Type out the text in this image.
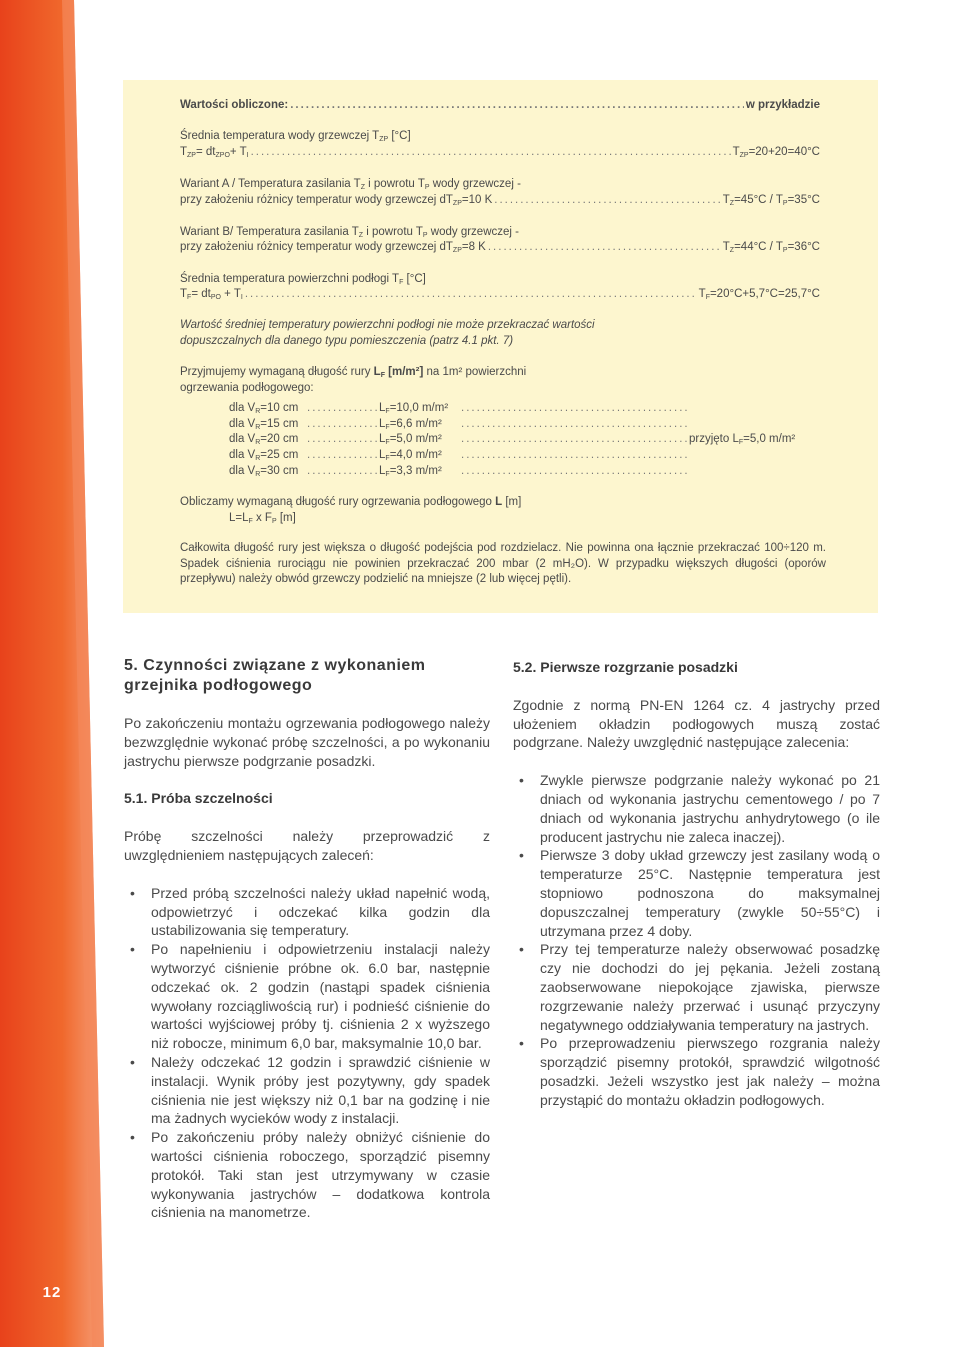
12
Wartości obliczone: .....	w przykładzie
Średnia temperatura wody grzewczej $T_{ZP}$ [°C]
$T_{ZP}= dt_{ZPO}+ T_I$ .....	$T_{ZP}=20+20=40^\circ C$
Wariant A / Temperatura zasilania $T_Z$ i powrotu $T_P$ wody grzewczej -
przy założeniu różnicy temperatur wody grzewczej $dT_{ZP}=10$ K .....	$T_Z=45^\circ C / T_P=35^\circ C$
Wariant B/ Temperatura zasilania $T_Z$ i powrotu $T_P$ wody grzewczej -
przy założeniu różnicy temperatur wody grzewczej $dT_{ZP}=8$ K .....	$T_Z=44^\circ C / T_P=36^\circ C$
Średnia temperatura powierzchni podłogi $T_F$ [°C]
$T_F= dt_{PO} + T_I$ .....	$T_F=20^\circ C+5,7^\circ C=25,7^\circ C$
Wartość średniej temperatury powierzchni podłogi nie może przekraczać wartości
dopuszczalnych dla danego typu pomieszczenia (patrz 4.1 pkt. 7)
Przyjmujemy wymaganą długość rury $L_F$ [m/m²] na 1m² powierzchni
ogrzewania podłogowego:
dla $V_R=10$ cm .....	$L_F=10,0$ m/m²
.....
dla $V_R=15$ cm .....	$L_F=6,6$ m/m²
.....
dla $V_R=20$ cm .....	$L_F=5,0$ m/m² .....	przyjęto $L_F=5,0$ m/m²
dla $V_R=25$ cm .....	$L_F=4,0$ m/m²
.....
dla $V_R=30$ cm .....	$L_F=3,3$ m/m²
.....
Obliczamy wymaganą długość rury ogrzewania podłogowego L [m]
$L=L_F$ x $F_P$ [m]
Całkowita długość rury jest większa o długość podejścia pod rozdzielacz. Nie powinna ona łącznie przekraczać 100÷120 m. Spadek ciśnienia rurociągu nie powinien przekraczać 200 mbar (2 mH₂O). W przypadku większych długości (oporów przepływu) należy obwód grzewczy podzielić na mniejsze (2 lub więcej pętli).
5. Czynności związane z wykonaniem grzejnika podłogowego

Po zakończeniu montażu ogrzewania podłogowego należy bezwzględnie wykonać próbę szczelności, a po wykonaniu jastrychu pierwsze podgrzanie posadzki.

5.1. Próba szczelności

Próbę szczelności należy przeprowadzić z uwzględnieniem następujących zaleceń:

• Przed próbą szczelności należy układ napełnić wodą, odpowietrzyć i odczekać kilka godzin dla ustabilizowania się temperatury.
• Po napełnieniu i odpowietrzeniu instalacji należy wytworzyć ciśnienie próbne ok. 6.0 bar, następnie odczekać ok. 2 godzin (nastąpi spadek ciśnienia wywołany rozciągliwością rur) i podnieść ciśnienie do wartości wyjściowej próby tj. ciśnienia 2 x wyższego niż robocze, minimum 6,0 bar, maksymalnie 10,0 bar.
• Należy odczekać 12 godzin i sprawdzić ciśnienie w instalacji. Wynik próby jest pozytywny, gdy spadek ciśnienia nie jest większy niż 0,1 bar na godzinę i nie ma żadnych wycieków wody z instalacji.
• Po zakończeniu próby należy obniżyć ciśnienie do wartości ciśnienia roboczego, sporządzić pisemny protokół. Taki stan jest utrzymywany w czasie wykonywania jastrychów – dodatkowa kontrola ciśnienia na manometrze.

5.2. Pierwsze rozgrzanie posadzki

Zgodnie z normą PN-EN 1264 cz. 4 jastrychy przed ułożeniem okładzin podłogowych muszą zostać podgrzane. Należy uwzględnić następujące zalecenia:

• Zwykle pierwsze podgrzanie należy wykonać po 21 dniach od wykonania jastrychu cementowego / po 7 dniach od wykonania jastrychu anhydrytowego (o ile producent jastrychu nie zaleca inaczej).
• Pierwsze 3 doby układ grzewczy jest zasilany wodą o temperaturze 25°C. Następnie temperatura jest stopniowo podnoszona do maksymalnej dopuszczalnej temperatury (zwykle 50÷55°C) i utrzymana przez 4 doby.
• Przy tej temperaturze należy obserwować posadzkę czy nie dochodzi do jej pękania. Jeżeli zostaną zaobserwowane niepokojące zjawiska, pierwsze rozgrzewanie należy przerwać i usunąć przyczyny negatywnego oddziaływania temperatury na jastrych.
• Po przeprowadzeniu pierwszego rozgrania należy sporządzić pisemny protokół, sprawdzić wilgotność posadzki. Jeżeli wszystko jest jak należy – można przystąpić do montażu okładzin podłogowych.
